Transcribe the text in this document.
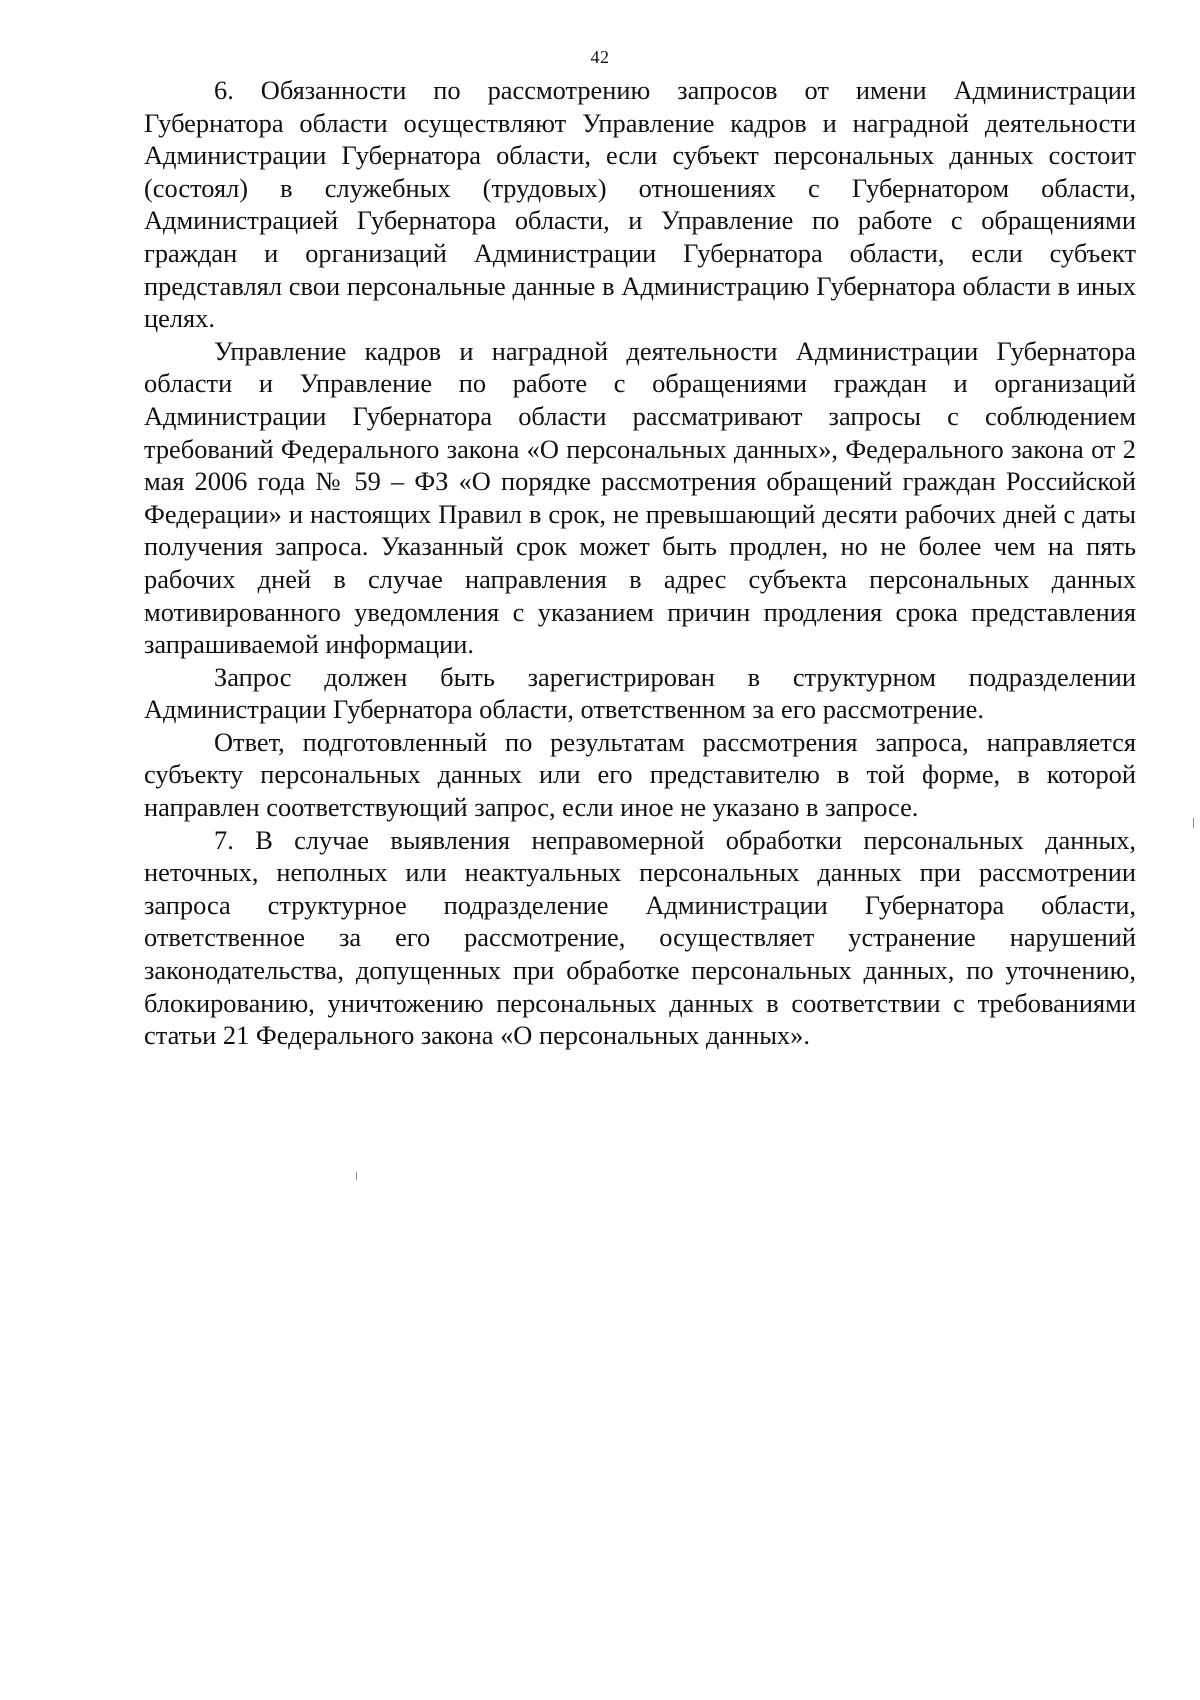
42

6. Обязанности по рассмотрению запросов от имени Администрации Губернатора области осуществляют Управление кадров и наградной деятельности Администрации Губернатора области, если субъект персональных данных состоит (состоял) в служебных (трудовых) отношениях с Губернатором области, Администрацией Губернатора области, и Управление по работе с обращениями граждан и организаций Администрации Губернатора области, если субъект представлял свои персональные данные в Администрацию Губернатора области в иных целях.

Управление кадров и наградной деятельности Администрации Губернатора области и Управление по работе с обращениями граждан и организаций Администрации Губернатора области рассматривают запросы с соблюдением требований Федерального закона «О персональных данных», Федерального закона от 2 мая 2006 года № 59 – ФЗ «О порядке рассмотрения обращений граждан Российской Федерации» и настоящих Правил в срок, не превышающий десяти рабочих дней с даты получения запроса. Указанный срок может быть продлен, но не более чем на пять рабочих дней в случае направления в адрес субъекта персональных данных мотивированного уведомления с указанием причин продления срока представления запрашиваемой информации.

Запрос должен быть зарегистрирован в структурном подразделении Администрации Губернатора области, ответственном за его рассмотрение.

Ответ, подготовленный по результатам рассмотрения запроса, направляется субъекту персональных данных или его представителю в той форме, в которой направлен соответствующий запрос, если иное не указано в запросе.

7. В случае выявления неправомерной обработки персональных данных, неточных, неполных или неактуальных персональных данных при рассмотрении запроса структурное подразделение Администрации Губернатора области, ответственное за его рассмотрение, осуществляет устранение нарушений законодательства, допущенных при обработке персональных данных, по уточнению, блокированию, уничтожению персональных данных в соответствии с требованиями статьи 21 Федерального закона «О персональных данных».
